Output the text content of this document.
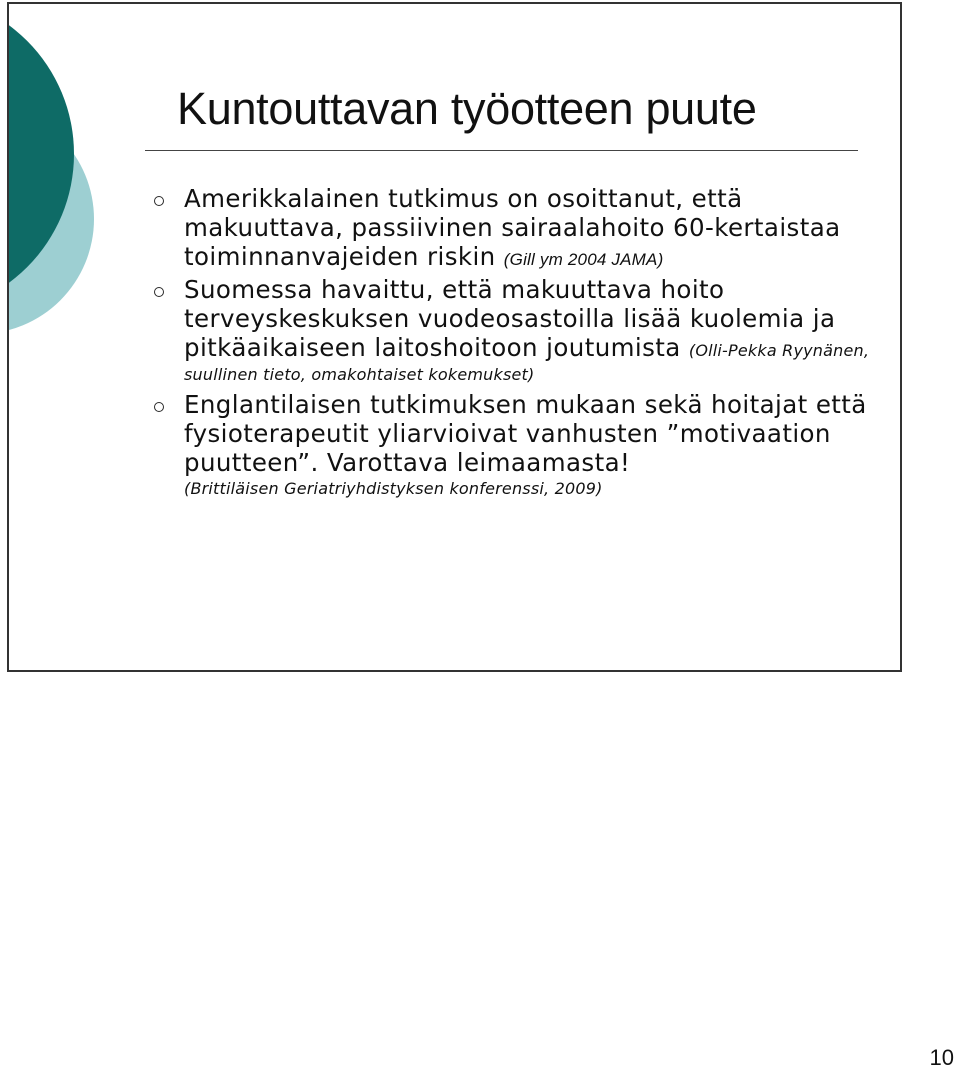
Kuntouttavan työotteen puute
Amerikkalainen tutkimus on osoittanut, että makuuttava, passiivinen sairaalahoito 60-kertaistaa toiminnanvajeiden riskin (Gill ym 2004 JAMA)
Suomessa havaittu, että makuuttava hoito terveyskeskuksen vuodeosastoilla lisää kuolemia ja pitkäaikaiseen laitoshoitoon joutumista (Olli-Pekka Ryynänen, suullinen tieto, omakohtaiset kokemukset)
Englantilaisen tutkimuksen mukaan sekä hoitajat että fysioterapeutit yliarvioivat vanhusten ”motivaation puutteen”. Varottava leimaamasta!
(Brittiläisen Geriatriyhdistyksen konferenssi, 2009)
10
